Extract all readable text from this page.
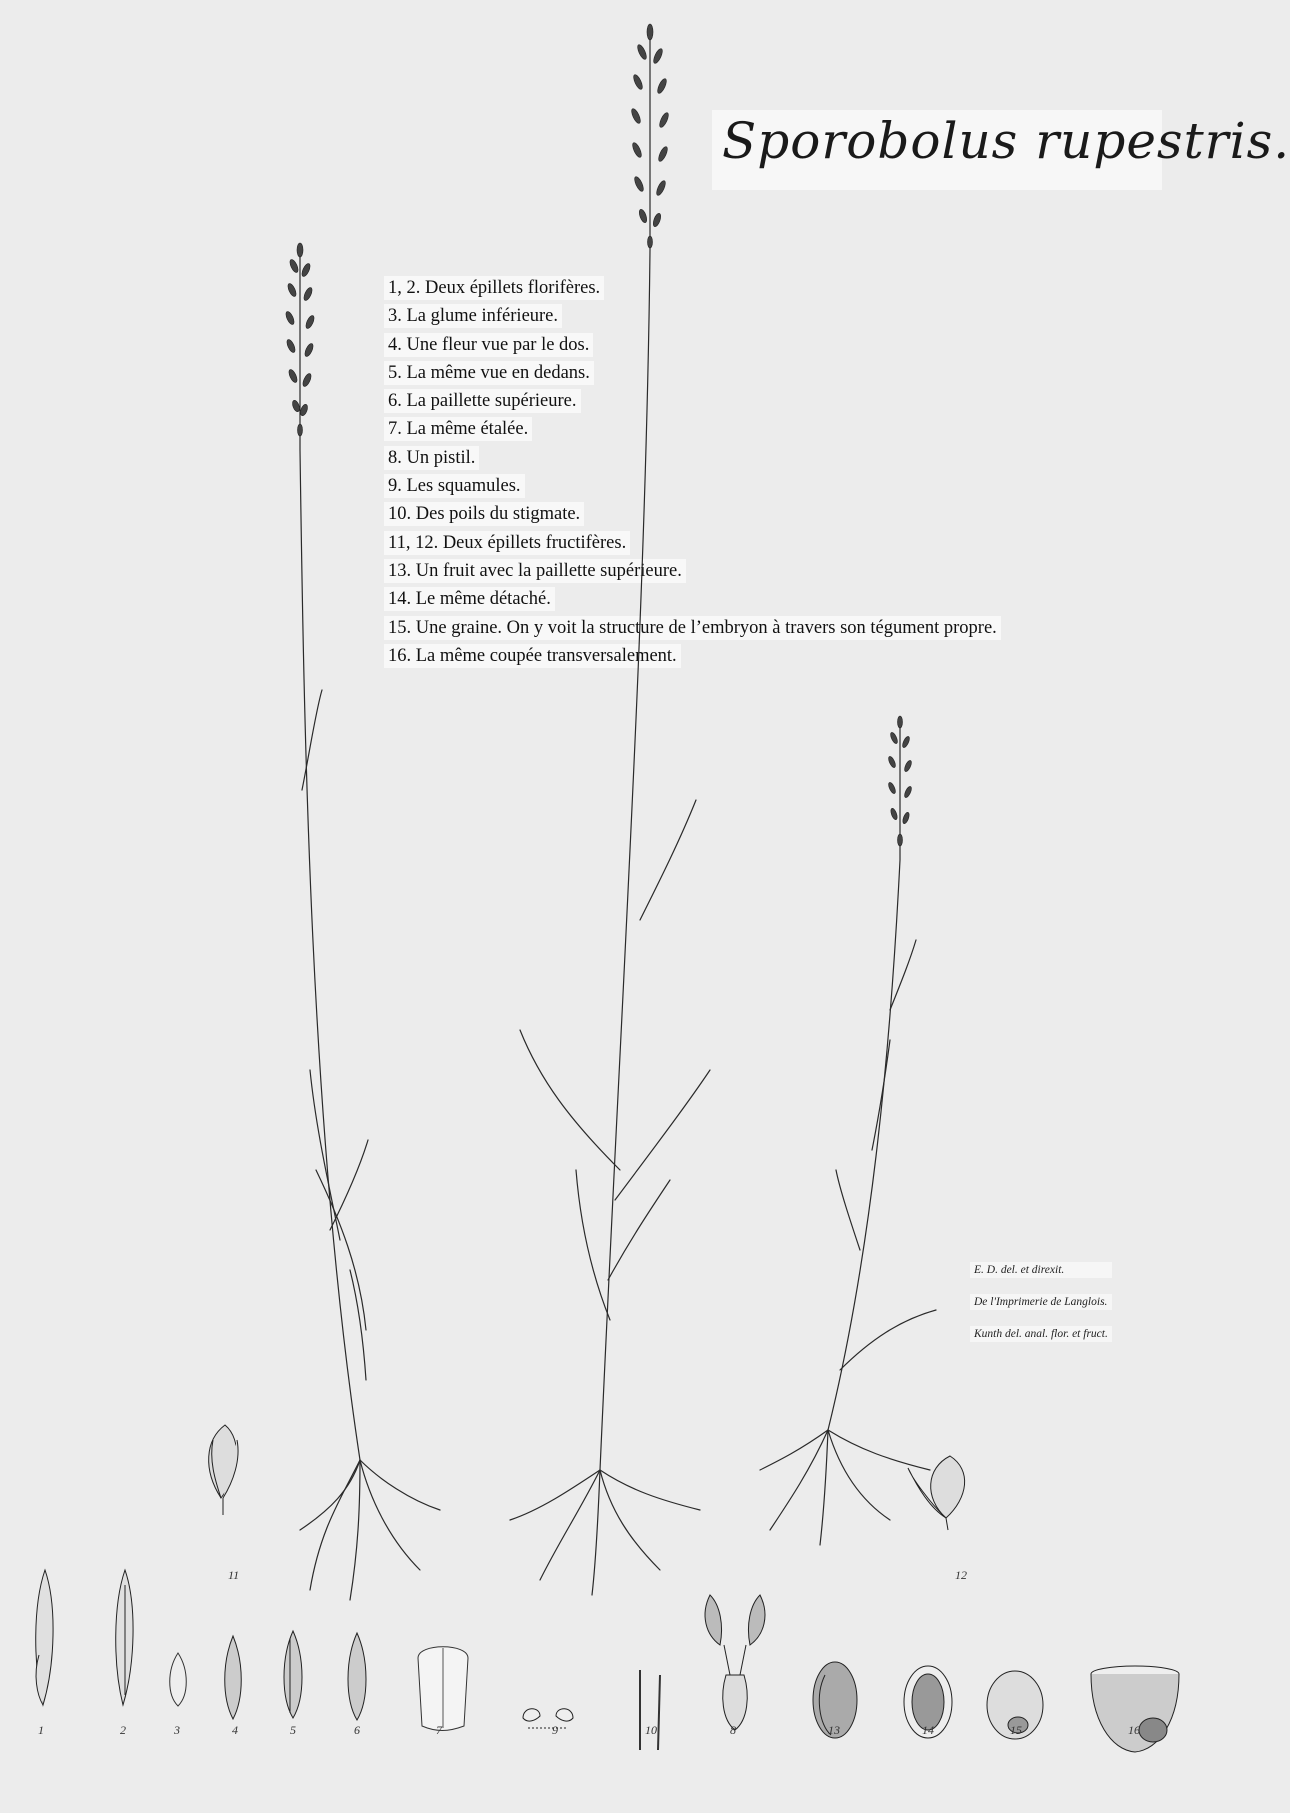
Sporobolus rupestris.
1, 2. Deux épillets florifères.
3. La glume inférieure.
4. Une fleur vue par le dos.
5. La même vue en dedans.
6. La paillette supérieure.
7. La même étalée.
8. Un pistil.
9. Les squamules.
10. Des poils du stigmate.
11, 12. Deux épillets fructifères.
13. Un fruit avec la paillette supérieure.
14. Le même détaché.
15. Une graine. On y voit la structure de l’embryon à travers son tégument propre.
16. La même coupée transversalement.
E. D. del. et direxit.
De l'Imprimerie de Langlois.
Kunth del. anal. flor. et fruct.
1	2	3	4	5	6	7	9	10	8	13	14	15	16
11	12
